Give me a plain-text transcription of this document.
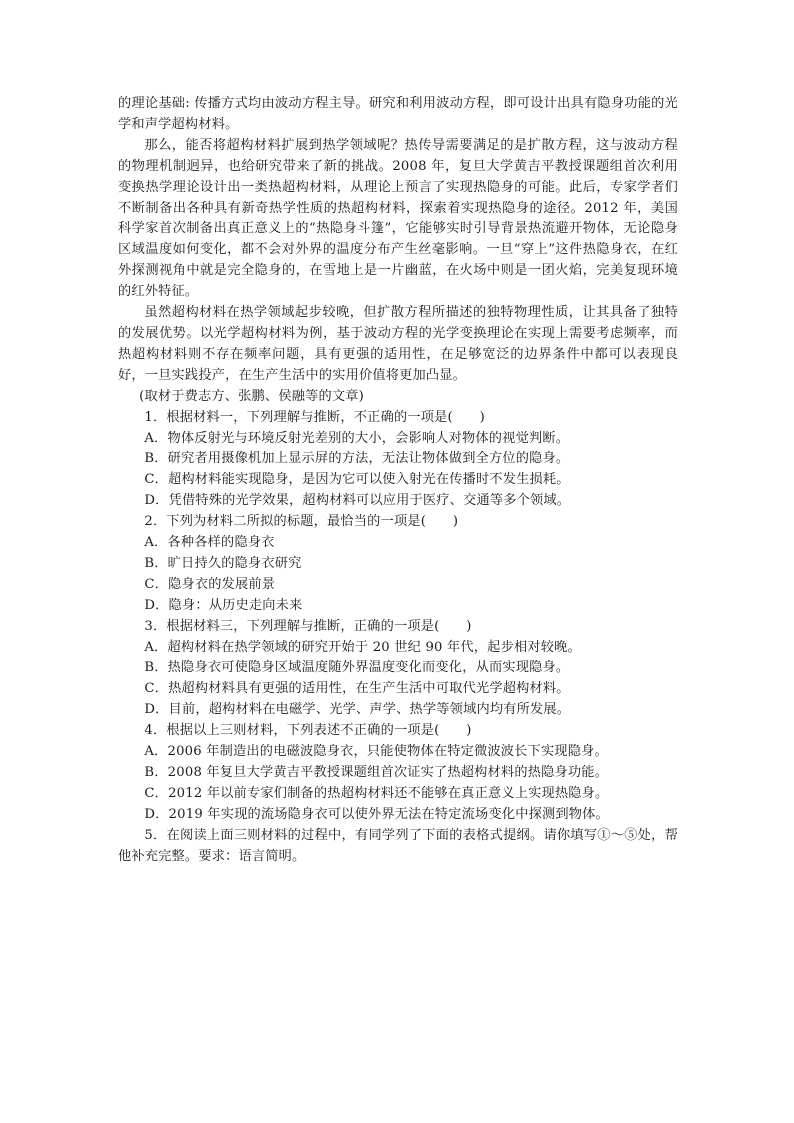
的理论基础: 传播方式均由波动方程主导。研究和利用波动方程，即可设计出具有隐身功能的光学和声学超构材料。

那么，能否将超构材料扩展到热学领域呢？热传导需要满足的是扩散方程，这与波动方程的物理机制迥异，也给研究带来了新的挑战。2008 年，复旦大学黄吉平教授课题组首次利用变换热学理论设计出一类热超构材料，从理论上预言了实现热隐身的可能。此后，专家学者们不断制备出各种具有新奇热学性质的热超构材料，探索着实现热隐身的途径。2012 年，美国科学家首次制备出真正意义上的“热隐身斗篷”，它能够实时引导背景热流避开物体，无论隐身区域温度如何变化，都不会对外界的温度分布产生丝毫影响。一旦“穿上”这件热隐身衣，在红外探测视角中就是完全隐身的，在雪地上是一片幽蓝，在火场中则是一团火焰，完美复现环境的红外特征。

虽然超构材料在热学领域起步较晚，但扩散方程所描述的独特物理性质，让其具备了独特的发展优势。以光学超构材料为例，基于波动方程的光学变换理论在实现上需要考虑频率，而热超构材料则不存在频率问题，具有更强的适用性，在足够宽泛的边界条件中都可以表现良好，一旦实践投产，在生产生活中的实用价值将更加凸显。

(取材于费志方、张鹏、侯融等的文章)

1．根据材料一，下列理解与推断，不正确的一项是(　　)

A．物体反射光与环境反射光差别的大小，会影响人对物体的视觉判断。

B．研究者用摄像机加上显示屏的方法，无法让物体做到全方位的隐身。

C．超构材料能实现隐身，是因为它可以使入射光在传播时不发生损耗。

D．凭借特殊的光学效果，超构材料可以应用于医疗、交通等多个领域。

2．下列为材料二所拟的标题，最恰当的一项是(　　)

A．各种各样的隐身衣

B．旷日持久的隐身衣研究

C．隐身衣的发展前景

D．隐身：从历史走向未来

3．根据材料三，下列理解与推断，正确的一项是(　　)

A．超构材料在热学领域的研究开始于 20 世纪 90 年代，起步相对较晚。

B．热隐身衣可使隐身区域温度随外界温度变化而变化，从而实现隐身。

C．热超构材料具有更强的适用性，在生产生活中可取代光学超构材料。

D．目前，超构材料在电磁学、光学、声学、热学等领域内均有所发展。

4．根据以上三则材料，下列表述不正确的一项是(　　)

A．2006 年制造出的电磁波隐身衣，只能使物体在特定微波波长下实现隐身。

B．2008 年复旦大学黄吉平教授课题组首次证实了热超构材料的热隐身功能。

C．2012 年以前专家们制备的热超构材料还不能够在真正意义上实现热隐身。

D．2019 年实现的流场隐身衣可以使外界无法在特定流场变化中探测到物体。

5．在阅读上面三则材料的过程中，有同学列了下面的表格式提纲。请你填写①～⑤处，帮他补充完整。要求：语言简明。
